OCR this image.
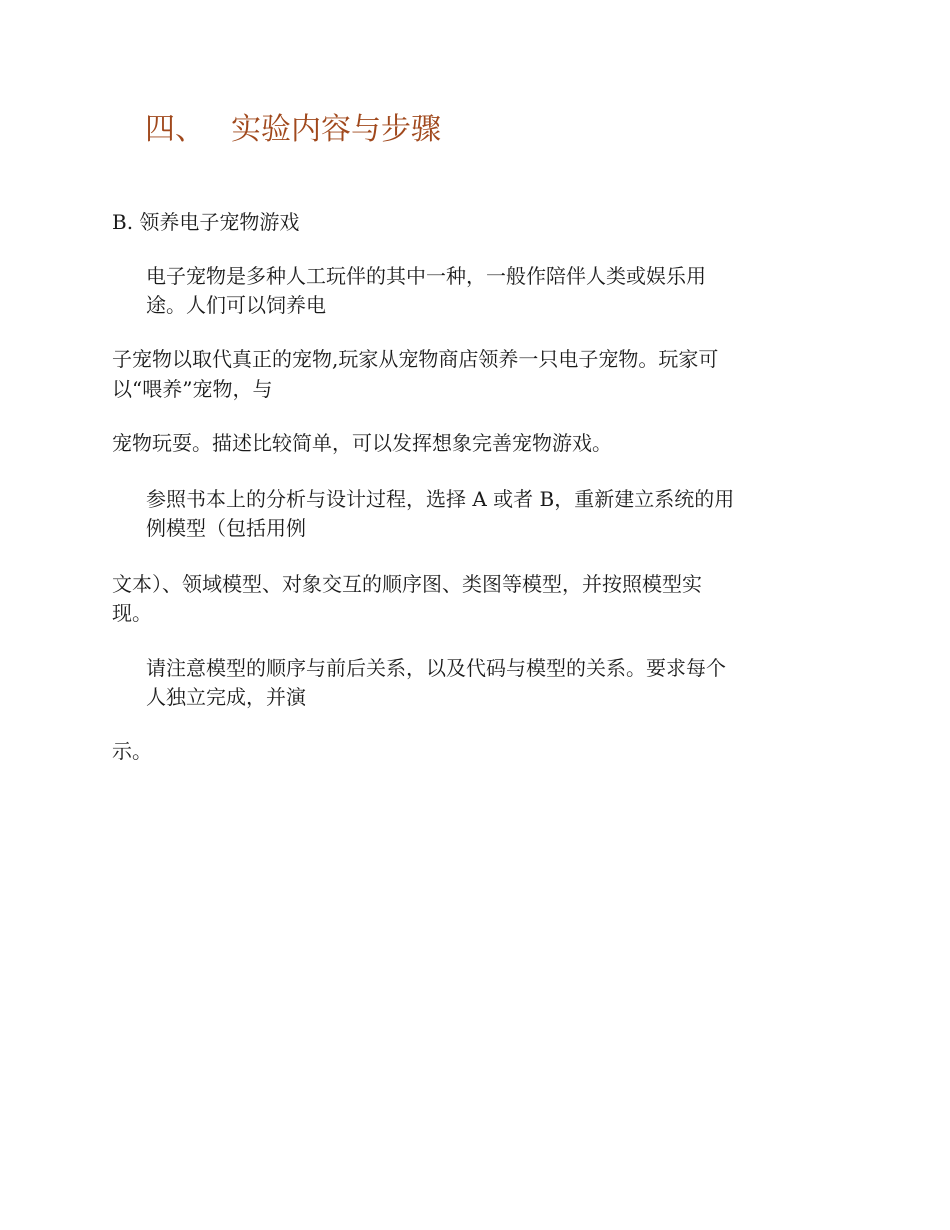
四、 实验内容与步骤
B. 领养电子宠物游戏
电子宠物是多种人工玩伴的其中一种，一般作陪伴人类或娱乐用
途。人们可以饲养电
子宠物以取代真正的宠物,玩家从宠物商店领养一只电子宠物。玩家可
以“喂养”宠物，与
宠物玩耍。描述比较简单，可以发挥想象完善宠物游戏。
参照书本上的分析与设计过程，选择 A 或者 B，重新建立系统的用
例模型（包括用例
文本）、领域模型、对象交互的顺序图、类图等模型，并按照模型实
现。
请注意模型的顺序与前后关系，以及代码与模型的关系。要求每个
人独立完成，并演
示。
